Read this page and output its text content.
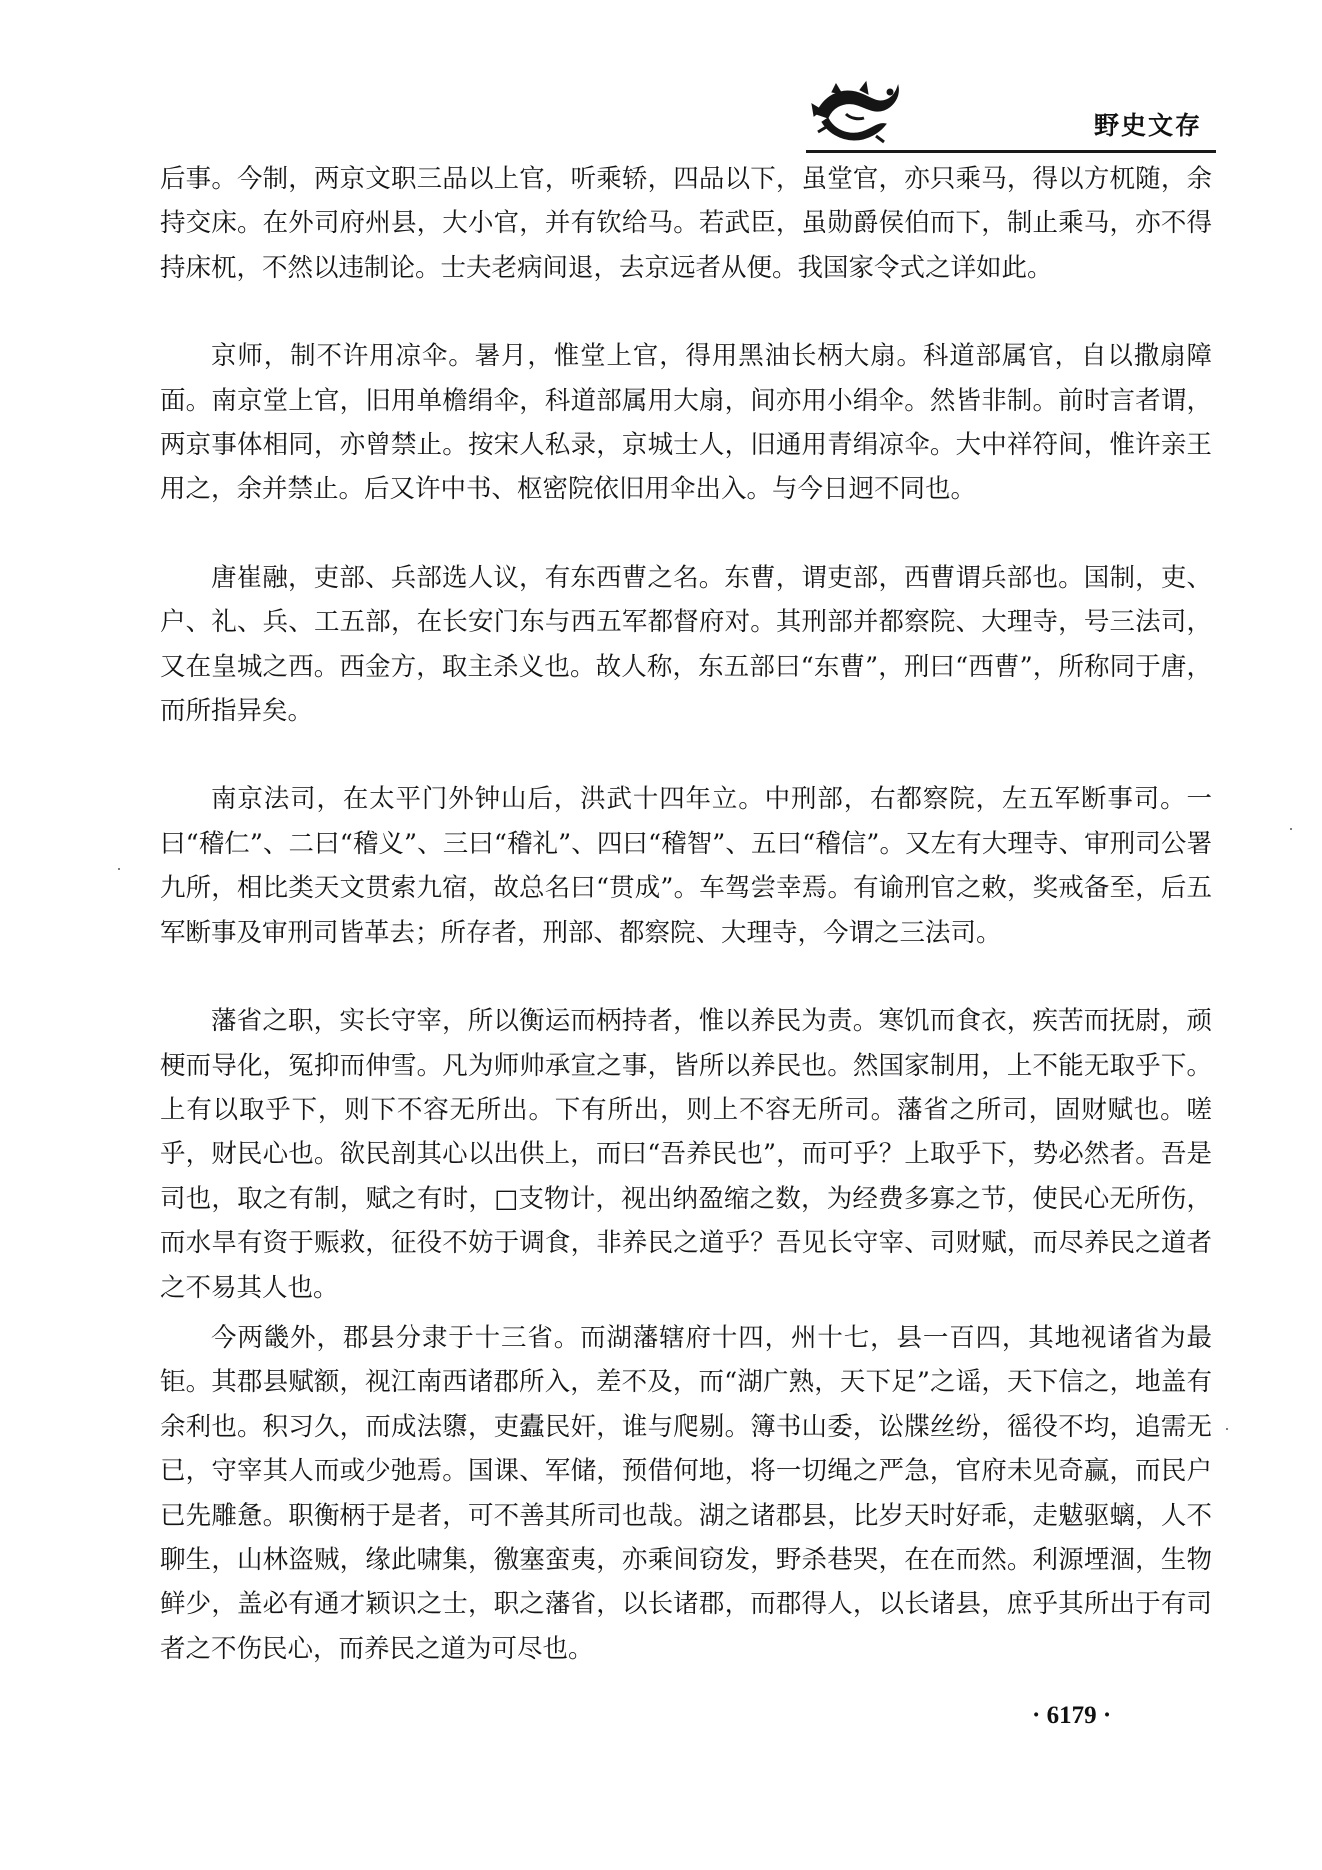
野史文存

后事。今制，两京文职三品以上官，听乘轿，四品以下，虽堂官，亦只乘马，得以方杌随，余持交床。在外司府州县，大小官，并有钦给马。若武臣，虽勋爵侯伯而下，制止乘马，亦不得持床杌，不然以违制论。士夫老病间退，去京远者从便。我国家令式之详如此。

京师，制不许用凉伞。暑月，惟堂上官，得用黑油长柄大扇。科道部属官，自以撒扇障面。南京堂上官，旧用单檐绢伞，科道部属用大扇，间亦用小绢伞。然皆非制。前时言者谓，两京事体相同，亦曾禁止。按宋人私录，京城士人，旧通用青绢凉伞。大中祥符间，惟许亲王用之，余并禁止。后又许中书、枢密院依旧用伞出入。与今日迥不同也。

唐崔融，吏部、兵部选人议，有东西曹之名。东曹，谓吏部，西曹谓兵部也。国制，吏、户、礼、兵、工五部，在长安门东与西五军都督府对。其刑部并都察院、大理寺，号三法司，又在皇城之西。西金方，取主杀义也。故人称，东五部曰“东曹”，刑曰“西曹”，所称同于唐，而所指异矣。

南京法司，在太平门外钟山后，洪武十四年立。中刑部，右都察院，左五军断事司。一曰“稽仁”、二曰“稽义”、三曰“稽礼”、四曰“稽智”、五曰“稽信”。又左有大理寺、审刑司公署九所，相比类天文贯索九宿，故总名曰“贯成”。车驾尝幸焉。有谕刑官之敕，奖戒备至，后五军断事及审刑司皆革去；所存者，刑部、都察院、大理寺，今谓之三法司。

藩省之职，实长守宰，所以衡运而柄持者，惟以养民为责。寒饥而食衣，疾苦而抚尉，顽梗而导化，冤抑而伸雪。凡为师帅承宣之事，皆所以养民也。然国家制用，上不能无取乎下。上有以取乎下，则下不容无所出。下有所出，则上不容无所司。藩省之所司，固财赋也。嗟乎，财民心也。欲民剖其心以出供上，而曰“吾养民也”，而可乎？上取乎下，势必然者。吾是司也，取之有制，赋之有时，□支物计，视出纳盈缩之数，为经费多寡之节，使民心无所伤，而水旱有资于赈救，征役不妨于调食，非养民之道乎？吾见长守宰、司财赋，而尽养民之道者之不易其人也。

今两畿外，郡县分隶于十三省。而湖藩辖府十四，州十七，县一百四，其地视诸省为最钜。其郡县赋额，视江南西诸郡所入，差不及，而“湖广熟，天下足”之谣，天下信之，地盖有余利也。积习久，而成法隳，吏蠹民奸，谁与爬剔。簿书山委，讼牒丝纷，徭役不均，追需无已，守宰其人而或少弛焉。国课、军储，预借何地，将一切绳之严急，官府未见奇赢，而民户已先雕惫。职衡柄于是者，可不善其所司也哉。湖之诸郡县，比岁天时好乖，走魃驱螭，人不聊生，山林盗贼，缘此啸集，徼塞蛮夷，亦乘间窃发，野杀巷哭，在在而然。利源堙涸，生物鲜少，盖必有通才颖识之士，职之藩省，以长诸郡，而郡得人，以长诸县，庶乎其所出于有司者之不伤民心，而养民之道为可尽也。

· 6179 ·
